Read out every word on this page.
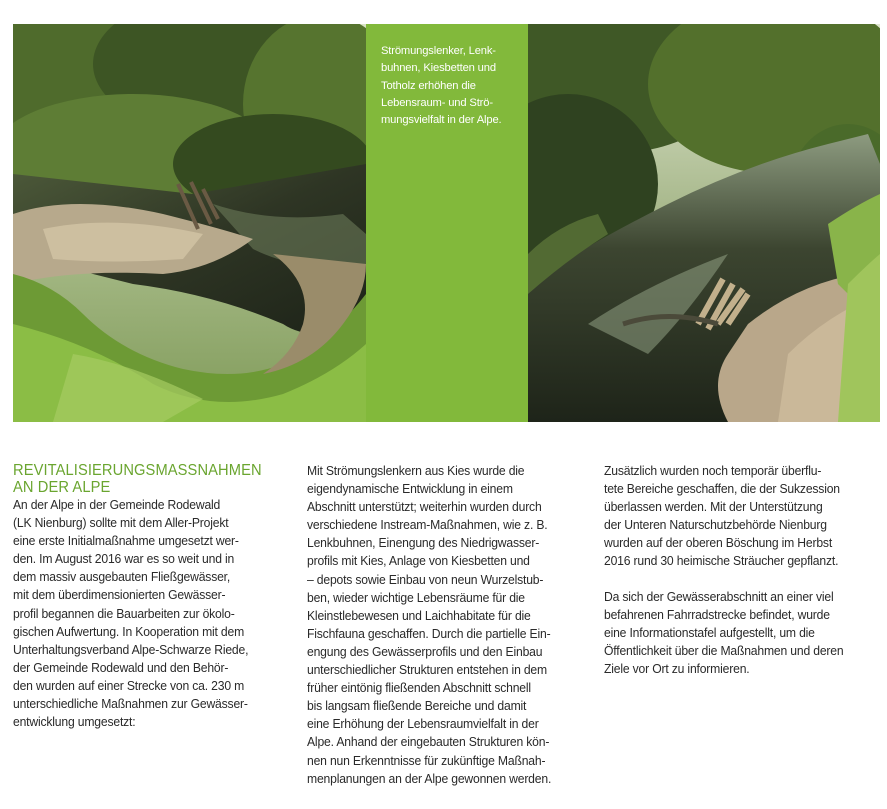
Strömungslenker, Lenk-
buhnen, Kiesbetten und
Totholz erhöhen die
Lebensraum- und Strö-
mungsvielfalt in der Alpe.
REVITALISIERUNGSMASSNAHMEN
AN DER ALPE
An der Alpe in der Gemeinde Rodewald
(LK Nienburg) sollte mit dem Aller-Projekt
eine erste Initialmaßnahme umgesetzt wer-
den. Im August 2016 war es so weit und in
dem massiv ausgebauten Fließgewässer,
mit dem überdimensionierten Gewässer-
profil begannen die Bauarbeiten zur ökolo-
gischen Aufwertung. In Kooperation mit dem
Unterhaltungsverband Alpe-Schwarze Riede,
der Gemeinde Rodewald und den Behör-
den wurden auf einer Strecke von ca. 230 m
unterschiedliche Maßnahmen zur Gewässer-
entwicklung umgesetzt:
Mit Strömungslenkern aus Kies wurde die
eigendynamische Entwicklung in einem
Abschnitt unterstützt; weiterhin wurden durch
verschiedene Instream-Maßnahmen, wie z. B.
Lenkbuhnen, Einengung des Niedrigwasser-
profils mit Kies, Anlage von Kiesbetten und
– depots sowie Einbau von neun Wurzelstub-
ben, wieder wichtige Lebensräume für die
Kleinstlebewesen und Laichhabitate für die
Fischfauna geschaffen. Durch die partielle Ein-
engung des Gewässerprofils und den Einbau
unterschiedlicher Strukturen entstehen in dem
früher eintönig fließenden Abschnitt schnell
bis langsam fließende Bereiche und damit
eine Erhöhung der Lebensraumvielfalt in der
Alpe. Anhand der eingebauten Strukturen kön-
nen nun Erkenntnisse für zukünftige Maßnah-
menplanungen an der Alpe gewonnen werden.
Zusätzlich wurden noch temporär überflu-
tete Bereiche geschaffen, die der Sukzession
überlassen werden. Mit der Unterstützung
der Unteren Naturschutzbehörde Nienburg
wurden auf der oberen Böschung im Herbst
2016 rund 30 heimische Sträucher gepflanzt.
Da sich der Gewässerabschnitt an einer viel
befahrenen Fahrradstrecke befindet, wurde
eine Informationstafel aufgestellt, um die
Öffentlichkeit über die Maßnahmen und deren
Ziele vor Ort zu informieren.
